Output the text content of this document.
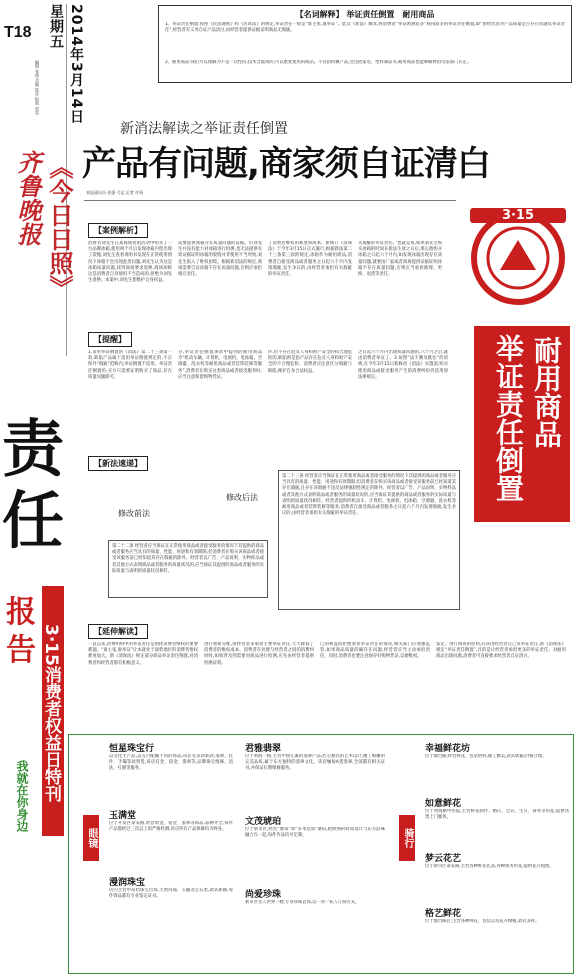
T18	2014年3月14日 星期五
编辑 张倩 美编 陆彦 组版 赵忠
齐鲁晚报 《今日日照》
责
任
报
告 3·15消费者权益日特刊
我就在你身边
【名词解释】 举证责任倒置　耐用商品
1、举证责任倒置:按照《民法通则》和《民诉法》的规定,举证责任一般是“谁主张,谁举证”。此次《新法》修改,将消费者“举证困难较多”耗钱较多的举证责任倒置,即“由经营者对产品质量是否存在问题负举证责任”,经营者有义务自证产品清白,由经营者提供证据证明商品无瑕疵。
2、耐用商品:我们可以理解为不是一次性的,技术含量高的,可以重复使用的商品。不仅指机械产品,还包括家电、塑料制品等,耐用商品也能够解释由司法部门认定。
新消法解读之举证责任倒置
产品有问题,商家须自证清白
本报通讯员 张强 弓弘 记者 许妍
3·15
耐用商品
举证责任倒置
【案例解析】
消费者刘先生在某商场促销活动中购买了一台品牌冰箱,使用两个月后发现冰箱内壁出现了裂缝,刘先生查看说明书发现在正常使用情况下冰箱不会出现此类问题,刘先生认为这是冰箱质量问题,找到商场要求退换,商场却称这是消费者自身使用不当造成的,拒绝为刘先生退换。本案中,刘先生想维护自身权益,
需要提供冰箱存在质量问题的证据。但刘先生并没有能力对冰箱进行检测,也无法提供有效证据证明冰箱的裂缝并非使用不当所致,刘先生陷入了维权困境。根据新消法的规定,商场需要自证冰箱不存在质量问题,否则应承担相应责任。
了消费者维权的难度和成本。新修订《消保法》于今年3月15日正式施行,根据新法第二十三条第三款的规定,冰箱作为耐用商品,消费者自接受商品或者服务之日起六个月内发现瑕疵,发生争议的,由经营者承担有关瑕疵的举证责任。
关瑕疵的举证责任。”也就是说,如果刘先生购买冰箱的时间在新法生效之日后,那么他购买冰箱之日起六个月内,如发现冰箱出现存在质量问题,就要由厂家或者商场提供证据证明冰箱不存在质量问题,否则应当承担修理、更换、退货等责任。
【提醒】
1.适用举证倒置的《消法》第二十三条第一款,缺陷产品属于适用举证倒置规定的,不在保外“瑕疵”范畴内,举证倒置不适用。举证责任倒置的,买方只需要证明购买了商品,存在质量问题即可。
分,举证责任倒置条款中提到的耐用商品为“机动车辆、计算机、电视机、电冰箱、空调器、洗衣机等耐用商品或者装饰装修等服务”,消费者在购买这类商品或者接受服务时,应当注意保留购物凭证。
件,但不存在危及人身和财产安全的和合理危险的,缺陷则是指产品存在危及人身和财产安全的不合理危险。消费者应注意区分瑕疵与缺陷,维护自身合法权益。
之日起六个月内出现质量问题的,六个月之后,就由消费者举证了。3.按照“法不溯及既往”的原则,在今年3月15日新修改《消法》实施前,购买使用商品或接受服务产生的消费纠纷仍适用原法律规定。
【新法速递】
修改前法
修改后法
第二十二条 经营者应当保证在正常使用商品或者接受服务的情况下其提供的商品或者服务应当具有的质量、性能、用途和有效期限;但消费者在购买该商品或者接受该服务前已经知道其存在瑕疵的除外。经营者以广告、产品说明、实物样品或者其他方式表明商品或者服务的质量状况的,应当保证其提供的商品或者服务的实际质量与表明的质量状况相符。
第二十三条 经营者应当保证在正常使用商品或者接受服务的情况下其提供的商品或者服务应当具有的质量、性能、用途和有效期限;但消费者在购买该商品或者接受该服务前已经知道其存在瑕疵,且存在该瑕疵不违反法律强制性规定的除外。经营者以广告、产品说明、实物样品或者其他方式表明商品或者服务的质量状况的,应当保证其提供的商品或者服务的实际质量与表明的质量状况相符。经营者提供的机动车、计算机、电视机、电冰箱、空调器、洗衣机等耐用商品或者装饰装修等服务,消费者自接受商品或者服务之日起六个月内发现瑕疵,发生争议的,由经营者承担有关瑕疵的举证责任。
【延伸解读】
一直以来,消费纠纷中的举证责任是困扰消费者维权的重要难题。“谁主张,谁举证”让本就处于弱势地位的消费者维权难度加大。新《消保法》规定部分商品举证责任倒置,对消费者和经营者都有积极意义。
进行重新分配,由经营者来承担主要举证责任,大大降低了消费者的维权成本。消费者在处理与经营者之间的消费纠纷时,如果涉及到需要对商品进行检测,应先由经营者提供检测证明。
已的利益而拒绝承担举证责任的情况,相关部门应加强监管,如果商品质量的确存在问题,经营者应当主动承担责任。同时,消费者也要注意保存好购物凭证,以便维权。
鉴定、进行调查的原则,应该由经营者自己负举证责任,新《消保法》规定“举证责任倒置”,目的是让经营者承担更多的举证责任。对耐用商品出现问题,消费者可直接要求经营者自证清白。
眼镜	骑行
恒星珠宝行
以文化生产品,以五行配戴不同的饰品,该店有多款新款,翡翠、挂件、手镯等款到货,该店有金、铂金、翡翠等,品牌珠宝维修、清洗、打磨等服务。
玉满堂
位于开发区泰安路,经营黄金、铂金、翡翠等饰品,品种齐全,每件产品都经过三次以上的严格检测,该店所有产品保修均为终身。
漫润珠宝
店内主营中高档珠宝首饰,天然玛瑙、玉髓等宝石类,款式新颖,每件饰品都有专业鉴定证书。
君雅翡翠
位于黄海一路,主营中国元素的翡翠产品,匠心独具的艺术设计,精工细雕的完美品质,属于东方独特的翡翠文化。该店缅甸A货翡翠,全部都有相关证书,并保证长期维修服务。
文茂琥珀
位于新市区,经营“琥珀”和“多米尼加”琥珀,把欧洲的时尚设计与东方韵味融合在一起,每件作品均可定制。
尚爱珍珠
新市区女人世界一楼,专业珍珠首饰,以一对一私人订制方式。
幸福鲜花坊
位于烟台路,经营鲜花、包装材料,做工精美,款式新颖,价格合理。
如意鲜花
位于黄海路中医院,主营鲜花制作、婚庆、会议、生日、商务等用花,提供送货上门服务。
梦云花艺
位于新市区泰安路,主营各种鲜花礼品,各种商务用花,提供花卉租摆。
格艺鲜花
位于烟台路店,主营各种鲜花、包装以及花卉绿植,款式多样。
